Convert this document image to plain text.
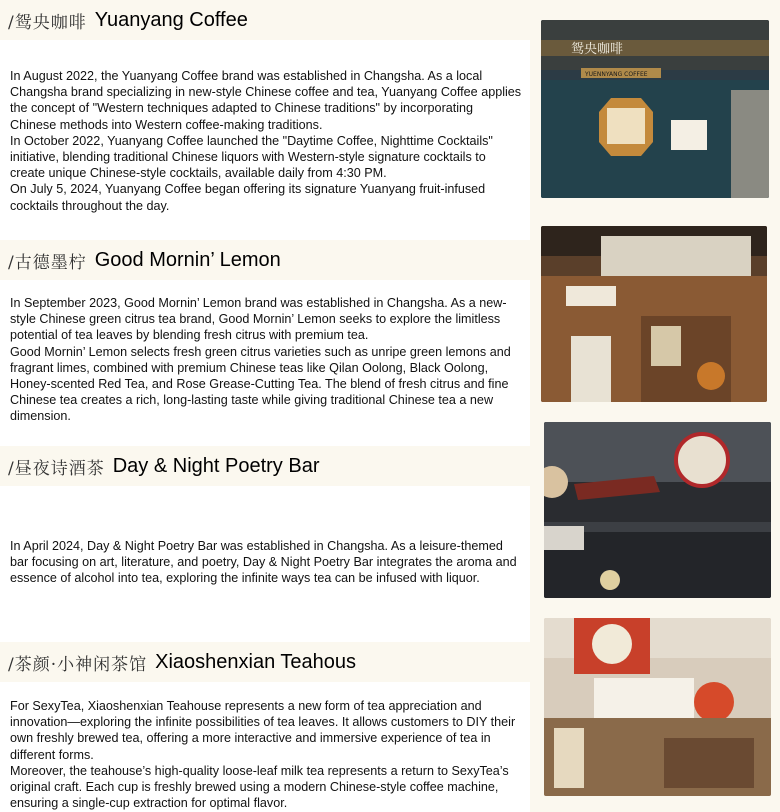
/鸳央咖啡 Yuanyang Coffee

In August 2022, the Yuanyang Coffee brand was established in Changsha. As a local Changsha brand specializing in new-style Chinese coffee and tea, Yuanyang Coffee applies the concept of "Western techniques adapted to Chinese traditions" by incorporating Chinese methods into Western coffee-making traditions.

In October 2022, Yuanyang Coffee launched the "Daytime Coffee, Nighttime Cocktails" initiative, blending traditional Chinese liquors with Western-style signature cocktails to create unique Chinese-style cocktails, available daily from 4:30 PM.

On July 5, 2024, Yuanyang Coffee began offering its signature Yuanyang fruit-infused cocktails throughout the day.

鸳央咖啡
YUENNYANG COFFEE
/古德墨柠 Good Mornin’ Lemon

In September 2023, Good Mornin’ Lemon brand was established in Changsha. As a new-style Chinese green citrus tea brand, Good Mornin’ Lemon seeks to explore the limitless potential of tea leaves by blending fresh citrus with premium tea.

Good Mornin’ Lemon selects fresh green citrus varieties such as unripe green lemons and fragrant limes, combined with premium Chinese teas like Qilan Oolong, Black Oolong, Honey-scented Red Tea, and Rose Grease-Cutting Tea. The blend of fresh citrus and fine Chinese tea creates a rich, long-lasting taste while giving traditional Chinese tea a new dimension.

/昼夜诗酒茶 Day & Night Poetry Bar

In April 2024, Day & Night Poetry Bar was established in Changsha. As a leisure-themed bar focusing on art, literature, and poetry, Day & Night Poetry Bar integrates the aroma and essence of alcohol into tea, exploring the infinite ways tea can be infused with liquor.

/茶颜·小神闲茶馆 Xiaoshenxian Teahous

For SexyTea, Xiaoshenxian Teahouse represents a new form of tea appreciation and innovation—exploring the infinite possibilities of tea leaves. It allows customers to DIY their own freshly brewed tea, offering a more interactive and immersive experience of tea in different forms.

Moreover, the teahouse’s high-quality loose-leaf milk tea represents a return to SexyTea’s original craft. Each cup is freshly brewed using a modern Chinese-style coffee machine, ensuring a single-cup extraction for optimal flavor.
